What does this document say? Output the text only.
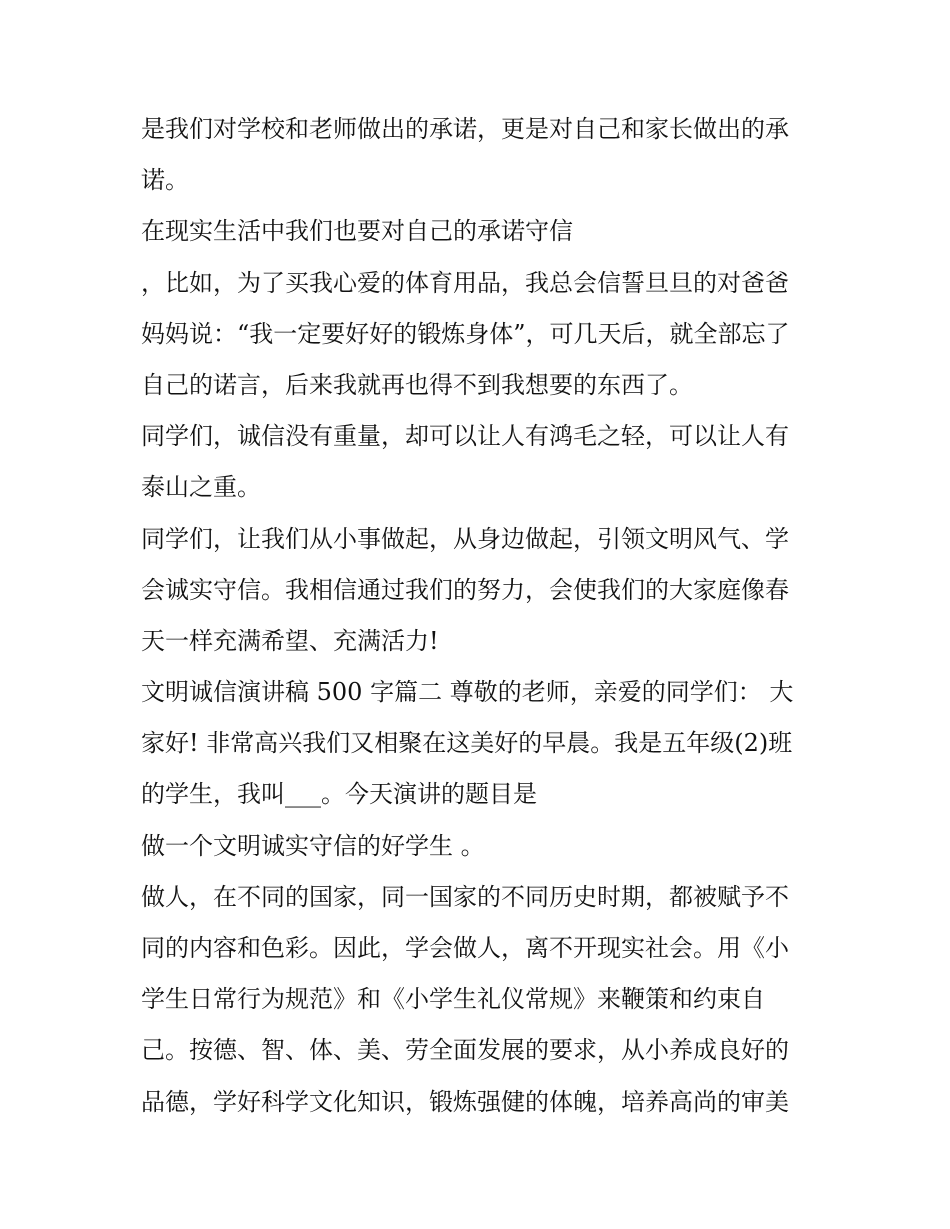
是我们对学校和老师做出的承诺，更是对自己和家长做出的承
诺。
在现实生活中我们也要对自己的承诺守信
，比如，为了买我心爱的体育用品，我总会信誓旦旦的对爸爸
妈妈说：“我一定要好好的锻炼身体”，可几天后，就全部忘了
自己的诺言，后来我就再也得不到我想要的东西了。
同学们，诚信没有重量，却可以让人有鸿毛之轻，可以让人有
泰山之重。
同学们，让我们从小事做起，从身边做起，引领文明风气、学
会诚实守信。我相信通过我们的努力，会使我们的大家庭像春
天一样充满希望、充满活力!
文明诚信演讲稿 500 字篇二 尊敬的老师，亲爱的同学们： 大
家好! 非常高兴我们又相聚在这美好的早晨。我是五年级(2)班
的学生，我叫___。今天演讲的题目是
做一个文明诚实守信的好学生 。
做人，在不同的国家，同一国家的不同历史时期，都被赋予不
同的内容和色彩。因此，学会做人，离不开现实社会。用《小
学生日常行为规范》和《小学生礼仪常规》来鞭策和约束自
己。按德、智、体、美、劳全面发展的要求，从小养成良好的
品德，学好科学文化知识，锻炼强健的体魄，培养高尚的审美
